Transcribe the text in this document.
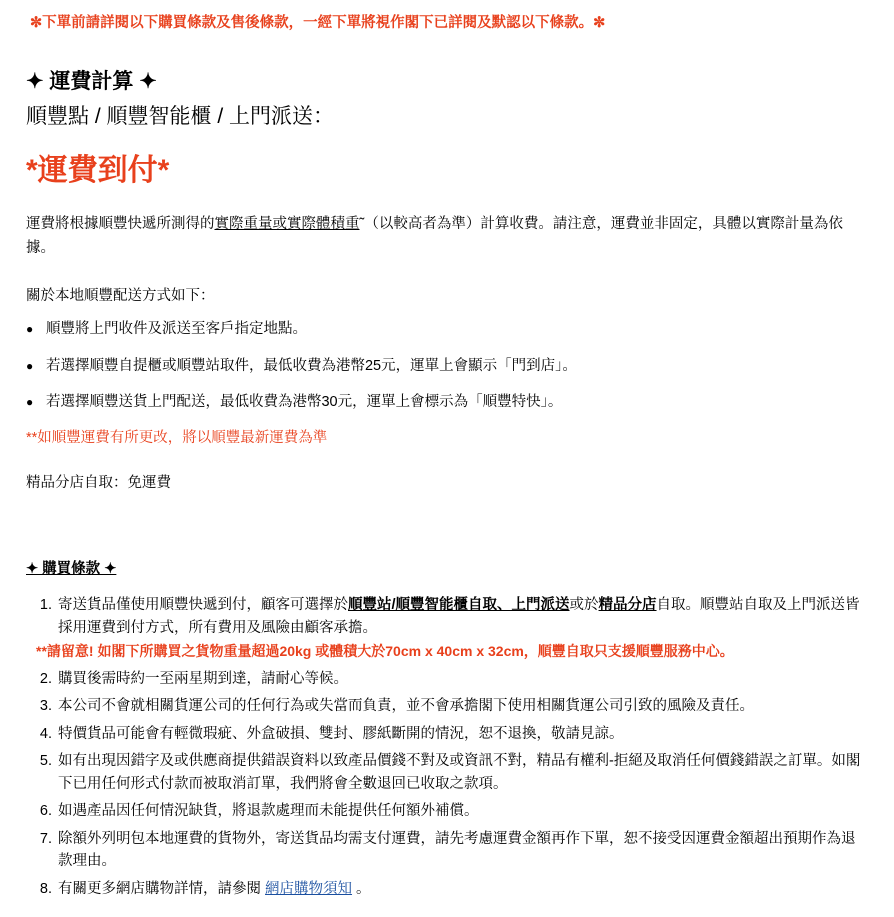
✼下單前請詳閱以下購買條款及售後條款，一經下單將視作閣下已詳閱及默認以下條款。✼
✦ 運費計算 ✦
順豐點 / 順豐智能櫃 / 上門派送：
*運費到付*

運費將根據順豐快遞所測得的實際重量或實際體積重˜（以較高者為準）計算收費。請注意，運費並非固定，具體以實際計量為依據。

關於本地順豐配送方式如下：

● 順豐將上門收件及派送至客戶指定地點。
● 若選擇順豐自提櫃或順豐站取件，最低收費為港幣25元，運單上會顯示「門到店」。
● 若選擇順豐送貨上門配送，最低收費為港幣30元，運單上會標示為「順豐特快」。

**如順豐運費有所更改，將以順豐最新運費為準

精品分店自取：免運費

✦ 購買條款 ✦
1. 寄送貨品僅使用順豐快遞到付，顧客可選擇於順豐站/順豐智能櫃自取、上門派送或於精品分店自取。順豐站自取及上門派送皆採用運費到付方式，所有費用及風險由顧客承擔。
**請留意! 如閣下所購買之貨物重量超過20kg 或體積大於70cm x 40cm x 32cm，順豐自取只支援順豐服務中心。
2. 購買後需時約一至兩星期到達，請耐心等候。
3. 本公司不會就相關貨運公司的任何行為或失當而負責，並不會承擔閣下使用相關貨運公司引致的風險及責任。
4. 特價貨品可能會有輕微瑕疵、外盒破損、雙封、膠紙斷開的情況，恕不退換，敬請見諒。
5. 如有出現因錯字及或供應商提供錯誤資料以致產品價錢不對及或資訊不對，精品有權利-拒絕及取消任何價錢錯誤之訂單。如閣下已用任何形式付款而被取消訂單，我們將會全數退回已收取之款項。
6. 如遇產品因任何情況缺貨，將退款處理而未能提供任何額外補償。
7. 除額外列明包本地運費的貨物外，寄送貨品均需支付運費，請先考慮運費金額再作下單，恕不接受因運費金額超出預期作為退款理由。
8. 有關更多網店購物詳情，請參閱 網店購物須知 。
